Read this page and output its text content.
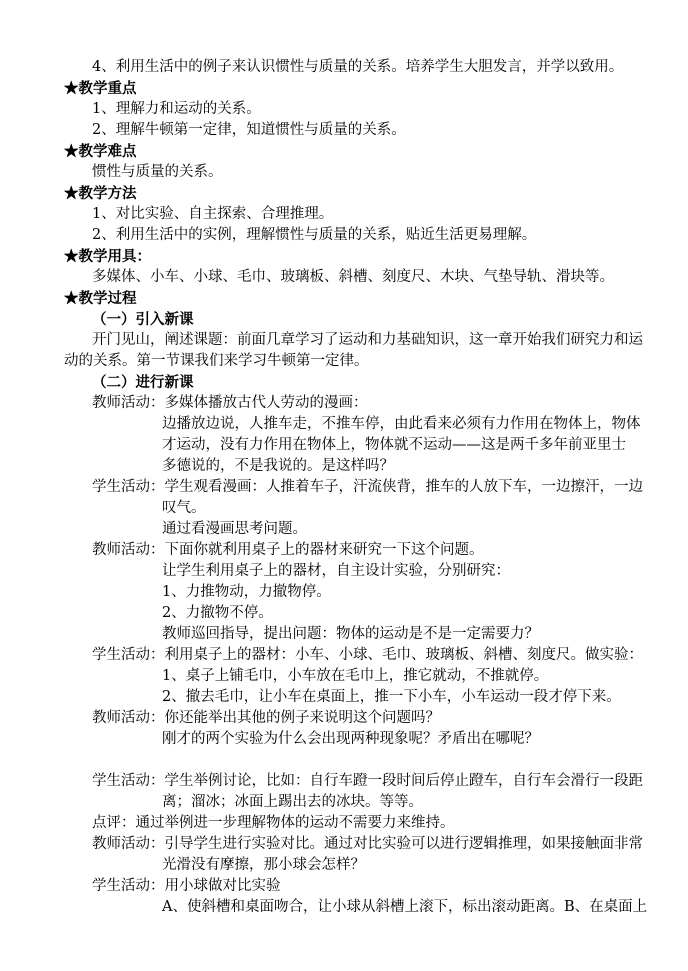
4、利用生活中的例子来认识惯性与质量的关系。培养学生大胆发言，并学以致用。
★教学重点
1、理解力和运动的关系。
2、理解牛顿第一定律，知道惯性与质量的关系。
★教学难点
惯性与质量的关系。
★教学方法
1、对比实验、自主探索、合理推理。
2、利用生活中的实例，理解惯性与质量的关系，贴近生活更易理解。
★教学用具：
多媒体、小车、小球、毛巾、玻璃板、斜槽、刻度尺、木块、气垫导轨、滑块等。
★教学过程
（一）引入新课
开门见山，阐述课题：前面几章学习了运动和力基础知识，这一章开始我们研究力和运
动的关系。第一节课我们来学习牛顿第一定律。
（二）进行新课
教师活动：多媒体播放古代人劳动的漫画：
边播放边说，人推车走，不推车停，由此看来必须有力作用在物体上，物体
才运动，没有力作用在物体上，物体就不运动——这是两千多年前亚里士
多德说的，不是我说的。是这样吗？
学生活动：学生观看漫画：人推着车子，汗流侠背，推车的人放下车，一边擦汗，一边
叹气。
通过看漫画思考问题。
教师活动：下面你就利用桌子上的器材来研究一下这个问题。
让学生利用桌子上的器材，自主设计实验，分别研究：
1、力推物动，力撤物停。
2、力撤物不停。
教师巡回指导，提出问题：物体的运动是不是一定需要力？
学生活动：利用桌子上的器材：小车、小球、毛巾、玻璃板、斜槽、刻度尺。做实验：
1、桌子上铺毛巾，小车放在毛巾上，推它就动，不推就停。
2、撤去毛巾，让小车在桌面上，推一下小车，小车运动一段才停下来。
教师活动：你还能举出其他的例子来说明这个问题吗？
刚才的两个实验为什么会出现两种现象呢？矛盾出在哪呢？
学生活动：学生举例讨论，比如：自行车蹬一段时间后停止蹬车，自行车会滑行一段距
离；溜冰；冰面上踢出去的冰块。等等。
点评：通过举例进一步理解物体的运动不需要力来维持。
教师活动：引导学生进行实验对比。通过对比实验可以进行逻辑推理，如果接触面非常
光滑没有摩擦，那小球会怎样？
学生活动：用小球做对比实验
A、使斜槽和桌面吻合，让小球从斜槽上滚下，标出滚动距离。B、在桌面上
